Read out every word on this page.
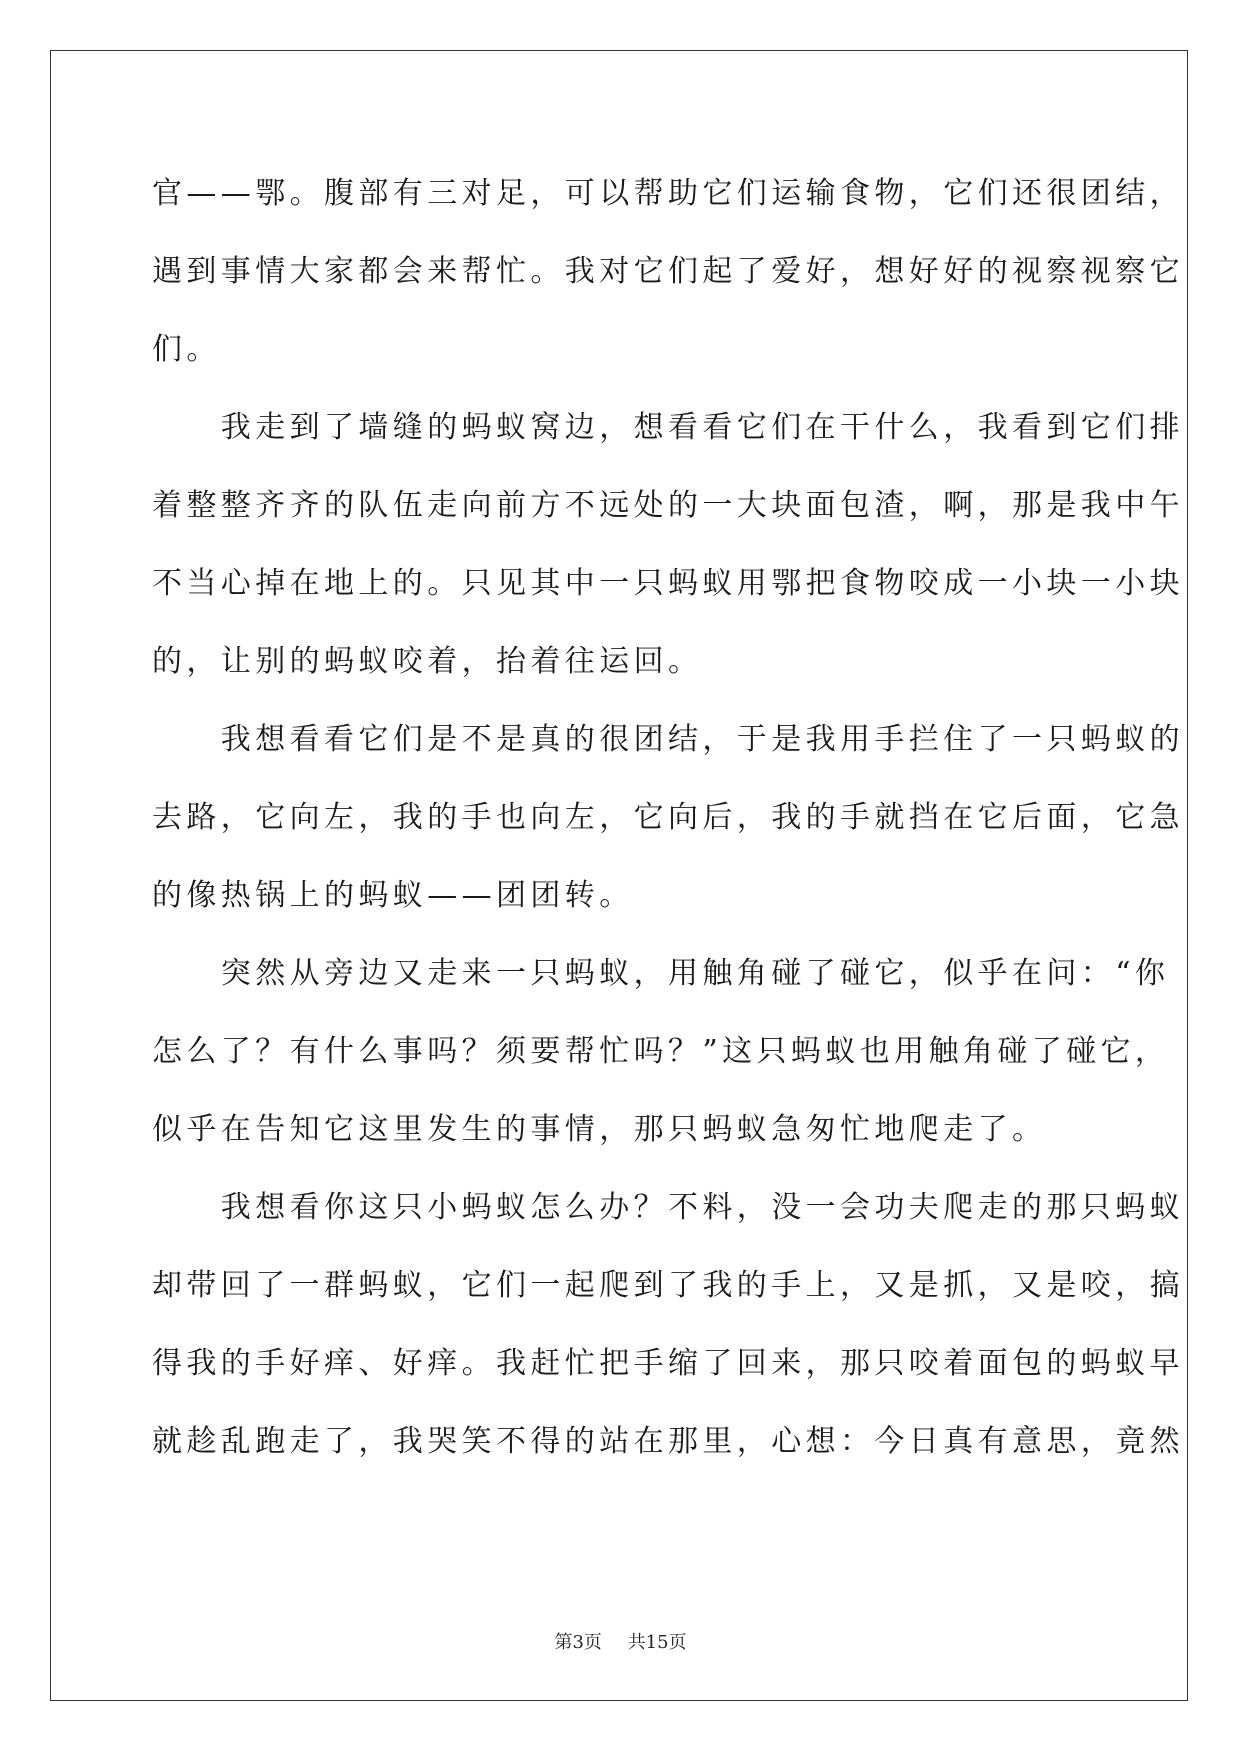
官——鄂。腹部有三对足，可以帮助它们运输食物，它们还很团结，
遇到事情大家都会来帮忙。我对它们起了爱好，想好好的视察视察它
们。
　　我走到了墙缝的蚂蚁窝边，想看看它们在干什么，我看到它们排
着整整齐齐的队伍走向前方不远处的一大块面包渣，啊，那是我中午
不当心掉在地上的。只见其中一只蚂蚁用鄂把食物咬成一小块一小块
的，让别的蚂蚁咬着，抬着往运回。
　　我想看看它们是不是真的很团结，于是我用手拦住了一只蚂蚁的
去路，它向左，我的手也向左，它向后，我的手就挡在它后面，它急
的像热锅上的蚂蚁——团团转。
　　突然从旁边又走来一只蚂蚁，用触角碰了碰它，似乎在问：“你
怎么了？有什么事吗？须要帮忙吗？”这只蚂蚁也用触角碰了碰它，
似乎在告知它这里发生的事情，那只蚂蚁急匆忙地爬走了。
　　我想看你这只小蚂蚁怎么办？不料，没一会功夫爬走的那只蚂蚁
却带回了一群蚂蚁，它们一起爬到了我的手上，又是抓，又是咬，搞
得我的手好痒、好痒。我赶忙把手缩了回来，那只咬着面包的蚂蚁早
就趁乱跑走了，我哭笑不得的站在那里，心想：今日真有意思，竟然
第3页 共15页
